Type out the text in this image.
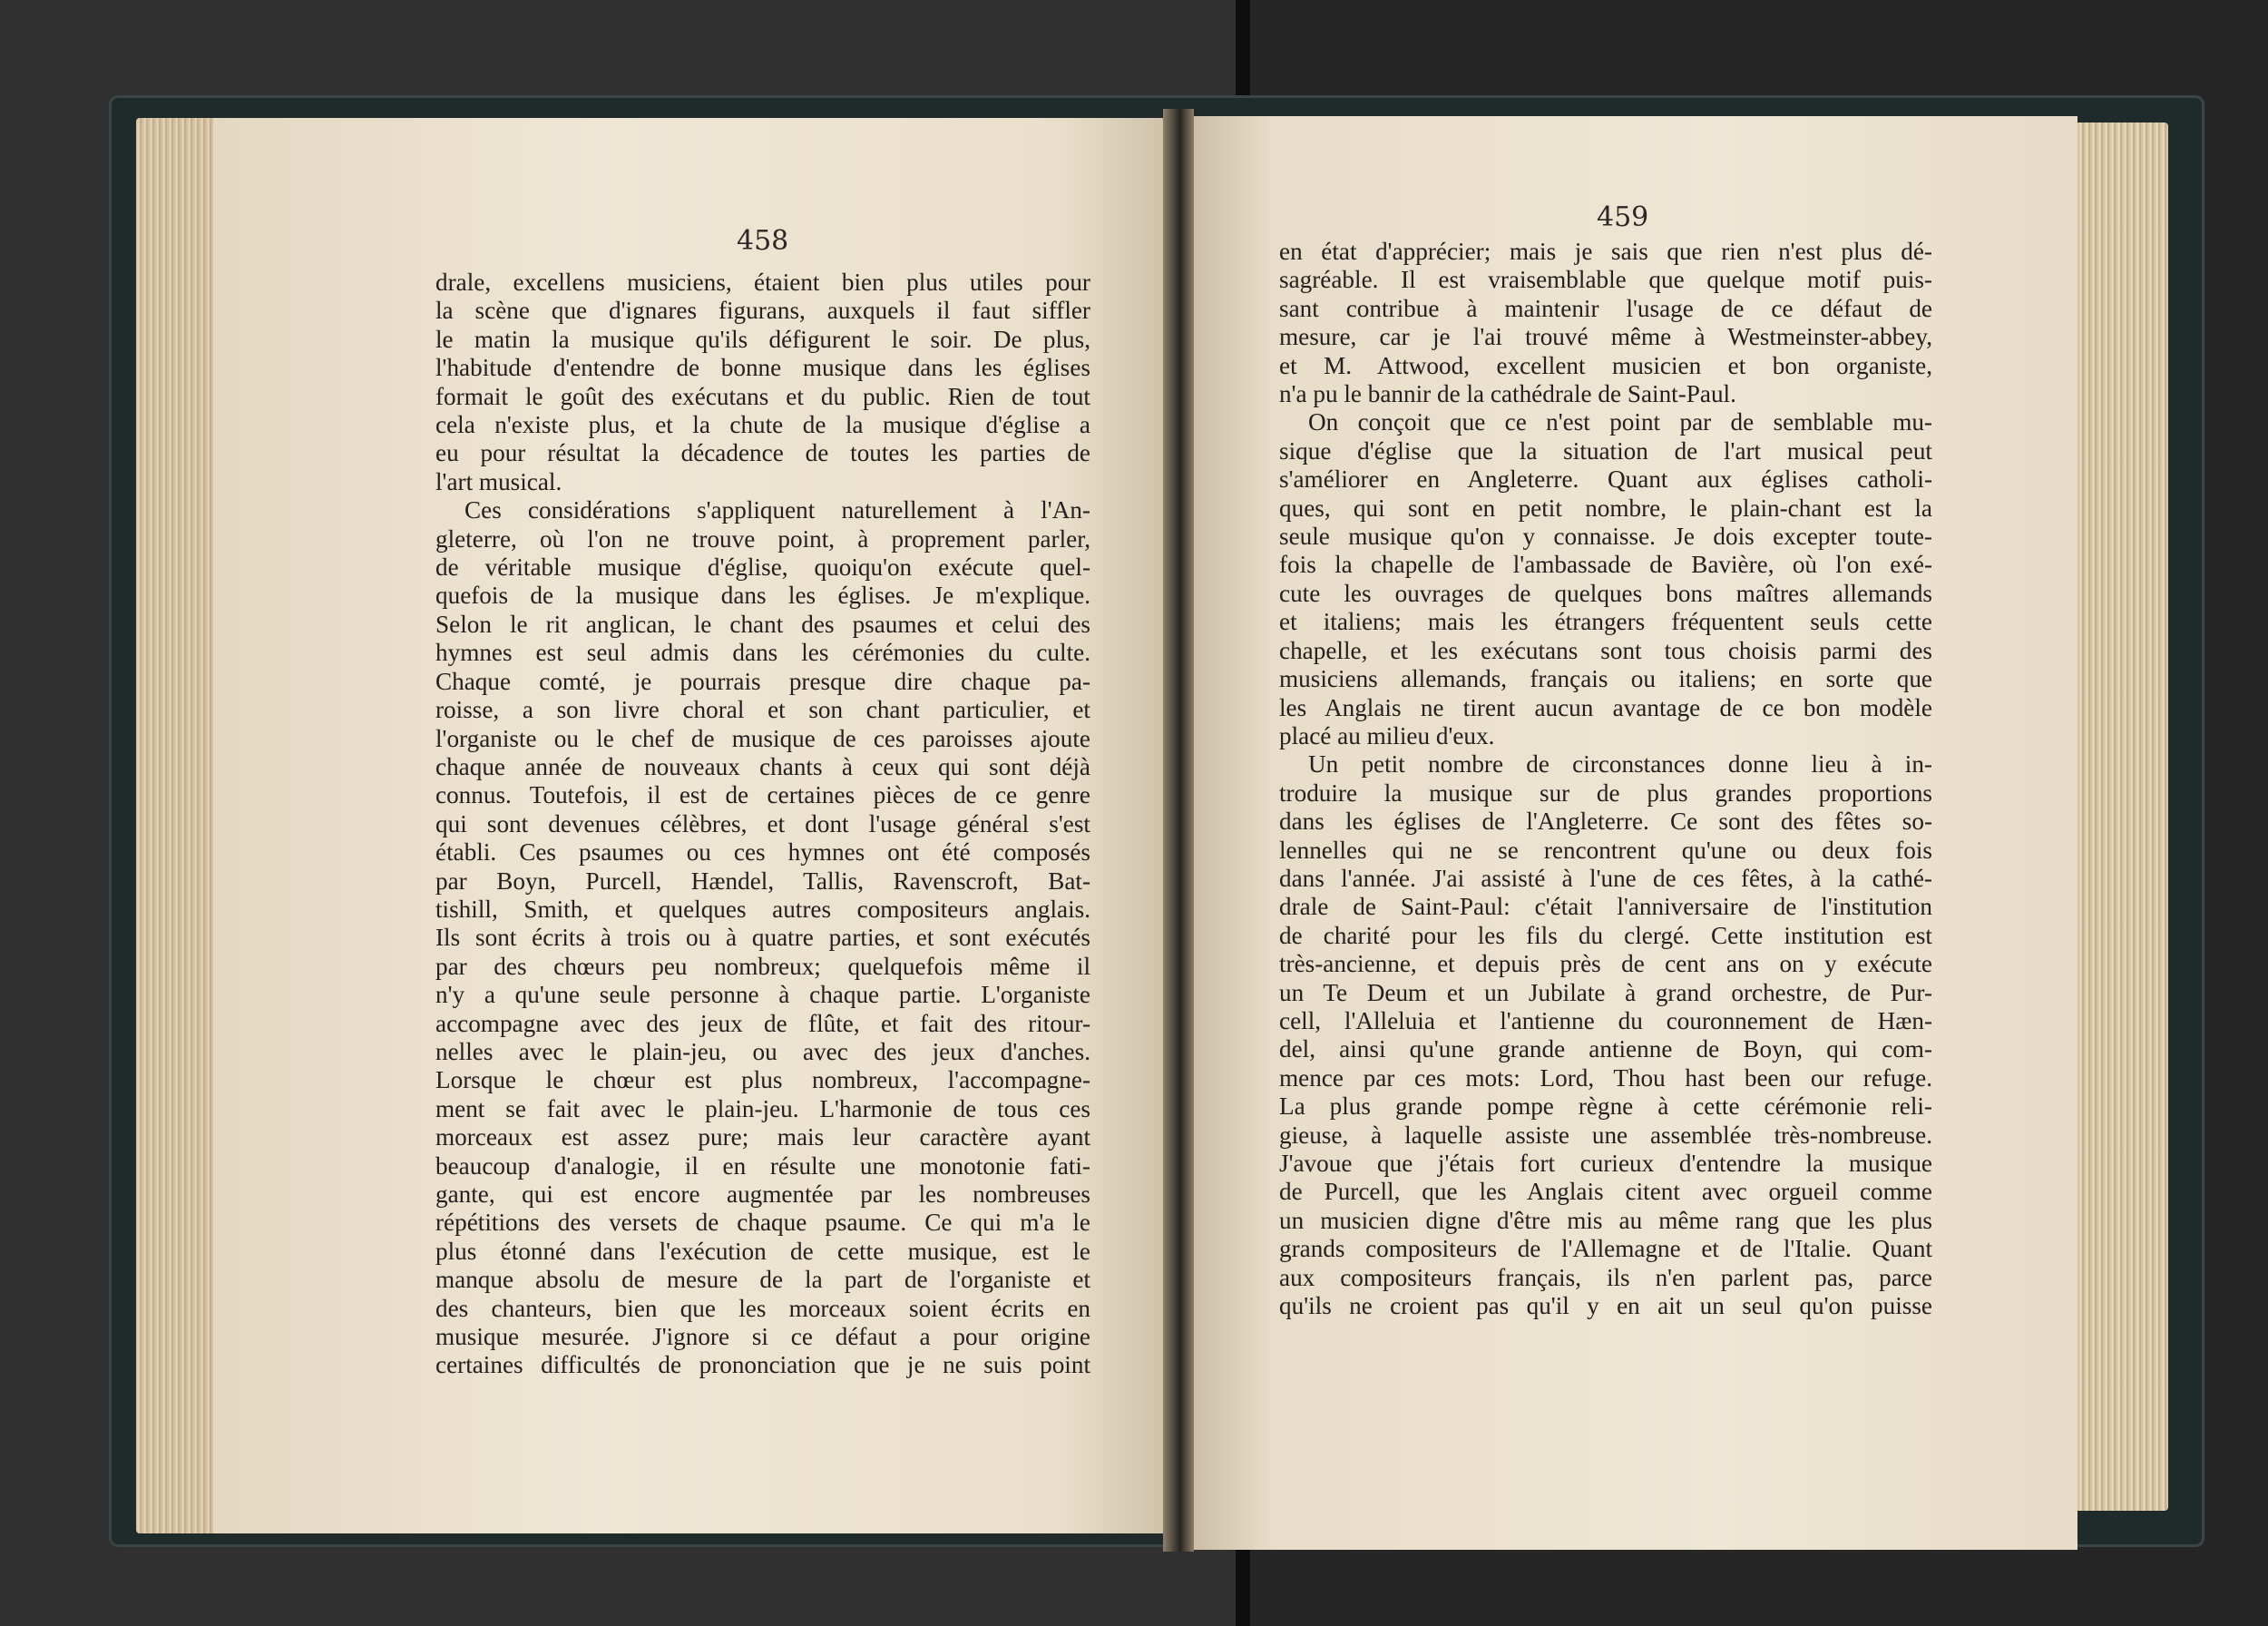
458
459
drale, excellens musiciens, étaient bien plus utiles pour
la scène que d'ignares figurans, auxquels il faut siffler
le matin la musique qu'ils défigurent le soir. De plus,
l'habitude d'entendre de bonne musique dans les églises
formait le goût des exécutans et du public. Rien de tout
cela n'existe plus, et la chute de la musique d'église a
eu pour résultat la décadence de toutes les parties de
l'art musical.
Ces considérations s'appliquent naturellement à l'An-
gleterre, où l'on ne trouve point, à proprement parler,
de véritable musique d'église, quoiqu'on exécute quel-
quefois de la musique dans les églises. Je m'explique.
Selon le rit anglican, le chant des psaumes et celui des
hymnes est seul admis dans les cérémonies du culte.
Chaque comté, je pourrais presque dire chaque pa-
roisse, a son livre choral et son chant particulier, et
l'organiste ou le chef de musique de ces paroisses ajoute
chaque année de nouveaux chants à ceux qui sont déjà
connus. Toutefois, il est de certaines pièces de ce genre
qui sont devenues célèbres, et dont l'usage général s'est
établi. Ces psaumes ou ces hymnes ont été composés
par Boyn, Purcell, Hændel, Tallis, Ravenscroft, Bat-
tishill, Smith, et quelques autres compositeurs anglais.
Ils sont écrits à trois ou à quatre parties, et sont exécutés
par des chœurs peu nombreux; quelquefois même il
n'y a qu'une seule personne à chaque partie. L'organiste
accompagne avec des jeux de flûte, et fait des ritour-
nelles avec le plain-jeu, ou avec des jeux d'anches.
Lorsque le chœur est plus nombreux, l'accompagne-
ment se fait avec le plain-jeu. L'harmonie de tous ces
morceaux est assez pure; mais leur caractère ayant
beaucoup d'analogie, il en résulte une monotonie fati-
gante, qui est encore augmentée par les nombreuses
répétitions des versets de chaque psaume. Ce qui m'a le
plus étonné dans l'exécution de cette musique, est le
manque absolu de mesure de la part de l'organiste et
des chanteurs, bien que les morceaux soient écrits en
musique mesurée. J'ignore si ce défaut a pour origine
certaines difficultés de prononciation que je ne suis point
en état d'apprécier; mais je sais que rien n'est plus dé-
sagréable. Il est vraisemblable que quelque motif puis-
sant contribue à maintenir l'usage de ce défaut de
mesure, car je l'ai trouvé même à Westmeinster-abbey,
et M. Attwood, excellent musicien et bon organiste,
n'a pu le bannir de la cathédrale de Saint-Paul.
On conçoit que ce n'est point par de semblable mu-
sique d'église que la situation de l'art musical peut
s'améliorer en Angleterre. Quant aux églises catholi-
ques, qui sont en petit nombre, le plain-chant est la
seule musique qu'on y connaisse. Je dois excepter toute-
fois la chapelle de l'ambassade de Bavière, où l'on exé-
cute les ouvrages de quelques bons maîtres allemands
et italiens; mais les étrangers fréquentent seuls cette
chapelle, et les exécutans sont tous choisis parmi des
musiciens allemands, français ou italiens; en sorte que
les Anglais ne tirent aucun avantage de ce bon modèle
placé au milieu d'eux.
Un petit nombre de circonstances donne lieu à in-
troduire la musique sur de plus grandes proportions
dans les églises de l'Angleterre. Ce sont des fêtes so-
lennelles qui ne se rencontrent qu'une ou deux fois
dans l'année. J'ai assisté à l'une de ces fêtes, à la cathé-
drale de Saint-Paul: c'était l'anniversaire de l'institution
de charité pour les fils du clergé. Cette institution est
très-ancienne, et depuis près de cent ans on y exécute
un Te Deum et un Jubilate à grand orchestre, de Pur-
cell, l'Alleluia et l'antienne du couronnement de Hæn-
del, ainsi qu'une grande antienne de Boyn, qui com-
mence par ces mots: Lord, Thou hast been our refuge.
La plus grande pompe règne à cette cérémonie reli-
gieuse, à laquelle assiste une assemblée très-nombreuse.
J'avoue que j'étais fort curieux d'entendre la musique
de Purcell, que les Anglais citent avec orgueil comme
un musicien digne d'être mis au même rang que les plus
grands compositeurs de l'Allemagne et de l'Italie. Quant
aux compositeurs français, ils n'en parlent pas, parce
qu'ils ne croient pas qu'il y en ait un seul qu'on puisse
